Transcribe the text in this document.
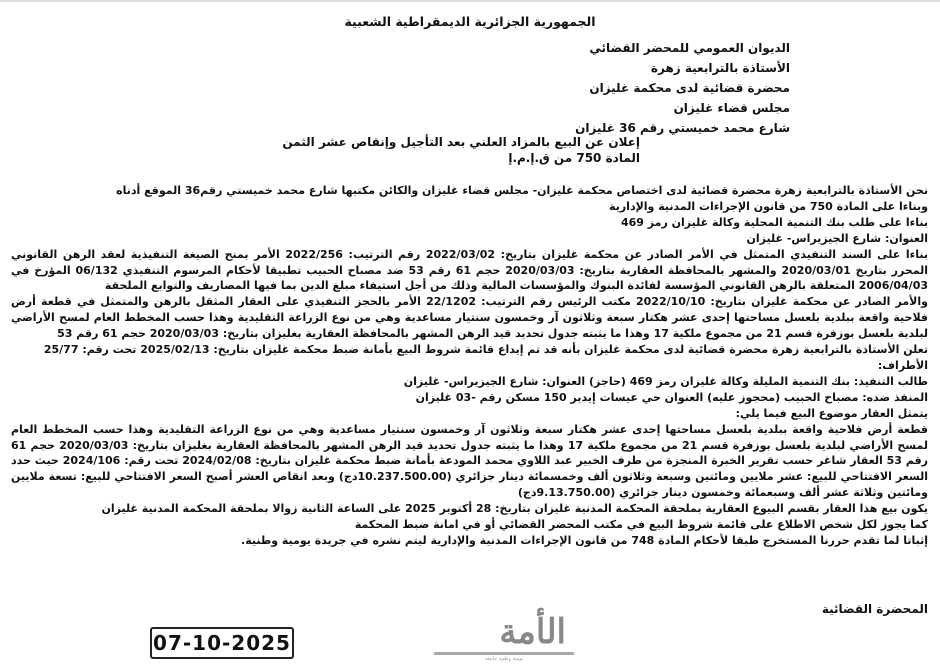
الجمهورية الجزائرية الديمقراطية الشعبية
الديوان العمومي للمحضر القضائي
الأستاذة بالترابعية زهرة
محضرة قضائية لدى محكمة غليزان
مجلس قضاء غليزان
شارع محمد خميستي رقم 36 غليزان
إعلان عن البيع بالمزاد العلني بعد التأجيل وإنقاص عشر الثمن
المادة 750 من ق.إ.م.إ

نحن الأستاذة بالترابعية زهرة محضرة قضائية لدى اختصاص محكمة غليزان- مجلس قضاء غليزان والكائن مكتبها شارع محمد خميستي رقم36 الموقع أدناه

وبناءا على المادة 750 من قانون الإجراءات المدنية والإدارية

بناءا على طلب بنك التنمية المحلية وكالة غليزان رمز 469

العنوان: شارع الجيزيراس- غليزان

بناءا على السند التنفيذي المتمثل في الأمر الصادر عن محكمة غليزان بتاريخ: 2022/03/02 رقم الترتيب: 2022/256 الأمر بمنح الصيغة التنفيذية لعقد الرهن القانوني المحرر بتاريخ 2020/03/01 والمشهر بالمحافظة العقارية بتاريخ: 2020/03/03 حجم 61 رقم 53 ضد مصباح الحبيب تطبيقا لأحكام المرسوم التنفيذي 06/132 المؤرخ في 2006/04/03 المتعلقة بالرهن القانوني المؤسسة لفائدة البنوك والمؤسسات المالية وذلك من أجل استيفاء مبلغ الدين بما فيها المصاريف والتوابع الملحقة

والأمر الصادر عن محكمة غليزان بتاريخ: 2022/10/10 مكتب الرئيس رقم الترتيب: 22/1202 الأمر بالحجز التنفيذي على العقار المثقل بالرهن والمتمثل في قطعة أرض فلاحية واقعة ببلدية بلعسل مساحتها إحدى عشر هكتار سبعة وثلاثون آر وخمسون سنتيار مساعدية وهي من نوع الزراعة التقليدية وهذا حسب المخطط العام لمسح الأراضي لبلدية بلعسل بوزفرة قسم 21 من مجموع ملكية 17 وهذا ما يثبته جدول تحديد قيد الرهن المشهر بالمحافظة العقارية بغليزان بتاريخ: 2020/03/03 حجم 61 رقم 53

تعلن الأستاذة بالترابعية زهرة محضرة قضائية لدى محكمة غليزان بأنه قد تم إيداع قائمة شروط البيع بأمانة ضبط محكمة غليزان بتاريخ: 2025/02/13 تحت رقم: 25/77

الأطراف:

طالب التنفيذ: بنك التنمية المليلة وكالة غليزان رمز 469 (حاجز) العنوان: شارع الجيزيراس- غليزان

المنفذ ضده: مصباح الحبيب (محجوز عليه) العنوان حي عيسات إيدير 150 مسكن رقم -03 غليزان

يتمثل العقار موضوع البيع فيما يلي:

قطعة أرض فلاحية واقعة ببلدية بلعسل مساحتها إحدى عشر هكتار سبعة وثلاثون آر وخمسون سنتيار مساعدية وهي من نوع الزراعة التقليدية وهذا حسب المخطط العام لمسح الأراضي لبلدية بلعسل بوزفرة قسم 21 من مجموع ملكية 17 وهذا ما يثبته جدول تحديد قيد الرهن المشهر بالمحافظة العقارية بغليزان بتاريخ: 2020/03/03 حجم 61 رقم 53 العقار شاغر حسب تقرير الخبرة المنجزة من طرف الخبير عبد اللاوي محمد المودعة بأمانة ضبط محكمة غليزان بتاريخ: 2024/02/08 تحت رقم: 2024/106 حيث حدد السعر الافتتاحي للبيع: عشر ملايين ومائتين وسبعة وثلاثون ألف وخمسمائة دينار جزائري (10.237.500.00دج) وبعد انقاص العشر أصبح السعر الافتتاحي للبيع: تسعة ملايين ومائتين وثلاثة عشر ألف وسبعمائة وخمسون دينار جزائري (9.13.750.00دج)

يكون بيع هذا العقار بقسم البيوع العقارية بملحقة المحكمة المدنية غليزان بتاريخ: 28 أكتوبر 2025 على الساعة الثانية زوالا بملحقة المحكمة المدنية غليزان

كما يجوز لكل شخص الاطلاع على قائمة شروط البيع في مكتب المحضر القضائي أو في امانة ضبط المحكمة

إثباتا لما تقدم حررنا المستخرج طبقا لأحكام المادة 748 من قانون الإجراءات المدنية والإدارية ليتم نشره في جريدة يومية وطنية.

المحضرة القضائية
الأمة
يومية وطنية جامعة
07-10-2025
